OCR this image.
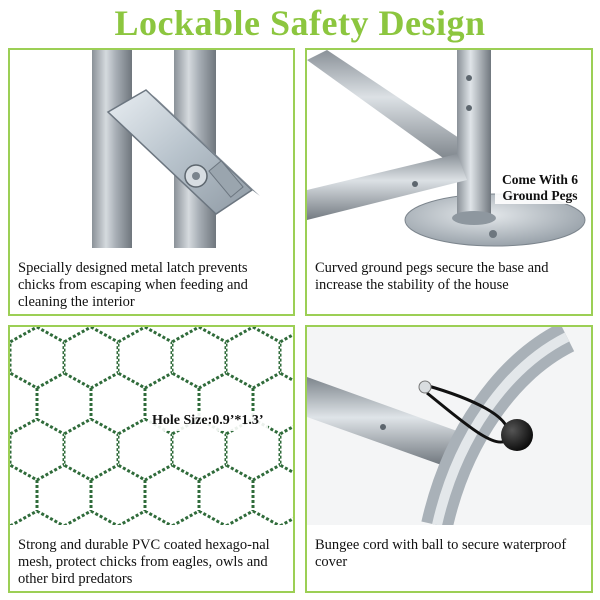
Lockable Safety Design
Specially designed metal latch prevents chicks from escaping when feeding and cleaning the interior
Come With 6 Ground Pegs
Curved ground pegs secure the base and increase the stability of the house
Hole Size:0.9’*1.3’
Strong and durable PVC coated hexago-nal mesh, protect chicks from eagles, owls and other bird predators
Bungee cord with ball to secure waterproof cover
